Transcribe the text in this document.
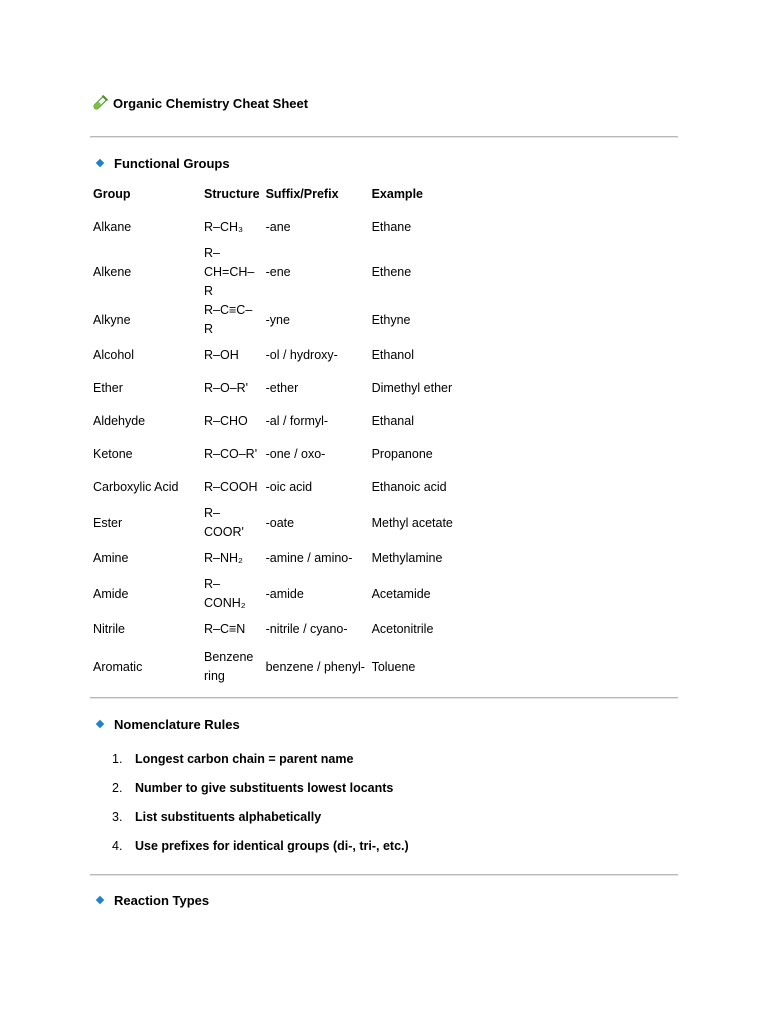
Organic Chemistry Cheat Sheet
Functional Groups
Group	Structure	Suffix/Prefix	Example
Alkane	R–CH₃	-ane	Ethane
Alkene	R–CH=CH–R	-ene	Ethene
Alkyne	R–C≡C–R	-yne	Ethyne
Alcohol	R–OH	-ol / hydroxy-	Ethanol
Ether	R–O–R'	-ether	Dimethyl ether
Aldehyde	R–CHO	-al / formyl-	Ethanal
Ketone	R–CO–R'	-one / oxo-	Propanone
Carboxylic Acid	R–COOH	-oic acid	Ethanoic acid
Ester	R–COOR'	-oate	Methyl acetate
Amine	R–NH₂	-amine / amino-	Methylamine
Amide	R–CONH₂	-amide	Acetamide
Nitrile	R–C≡N	-nitrile / cyano-	Acetonitrile
Aromatic	Benzene ring	benzene / phenyl-	Toluene
Nomenclature Rules
1.	Longest carbon chain = parent name
2.	Number to give substituents lowest locants
3.	List substituents alphabetically
4.	Use prefixes for identical groups (di-, tri-, etc.)
Reaction Types
